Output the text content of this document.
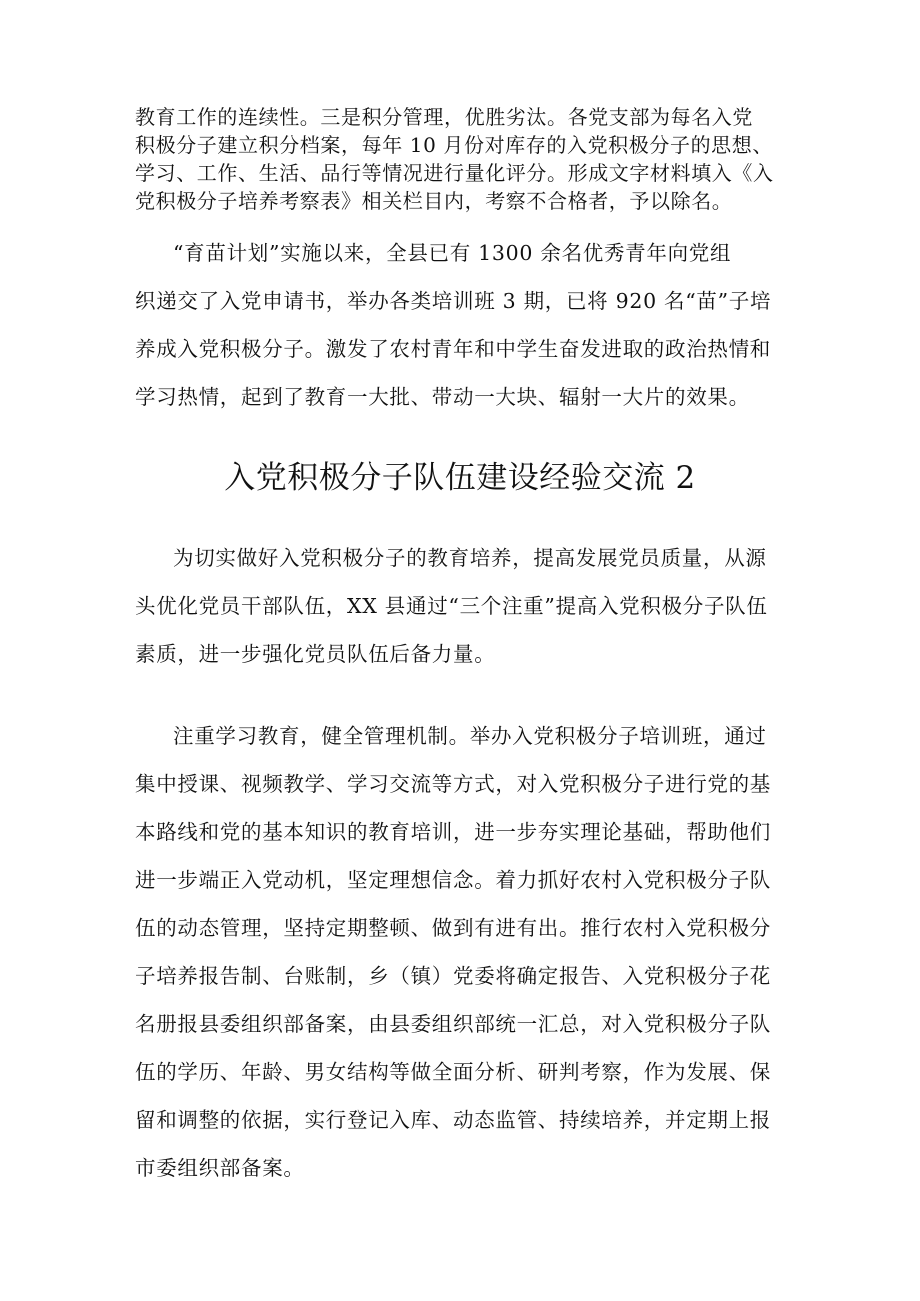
教育工作的连续性。三是积分管理，优胜劣汰。各党支部为每名入党

积极分子建立积分档案，每年 10 月份对库存的入党积极分子的思想、

学习、工作、生活、品行等情况进行量化评分。形成文字材料填入《入

党积极分子培养考察表》相关栏目内，考察不合格者，予以除名。

“育苗计划”实施以来，全县已有 1300 余名优秀青年向党组

织递交了入党申请书，举办各类培训班 3 期，已将 920 名“苗”子培

养成入党积极分子。激发了农村青年和中学生奋发进取的政治热情和

学习热情，起到了教育一大批、带动一大块、辐射一大片的效果。

入党积极分子队伍建设经验交流 2

为切实做好入党积极分子的教育培养，提高发展党员质量，从源

头优化党员干部队伍，XX 县通过“三个注重”提高入党积极分子队伍

素质，进一步强化党员队伍后备力量。

注重学习教育，健全管理机制。举办入党积极分子培训班，通过

集中授课、视频教学、学习交流等方式，对入党积极分子进行党的基

本路线和党的基本知识的教育培训，进一步夯实理论基础，帮助他们

进一步端正入党动机，坚定理想信念。着力抓好农村入党积极分子队

伍的动态管理，坚持定期整顿、做到有进有出。推行农村入党积极分

子培养报告制、台账制，乡（镇）党委将确定报告、入党积极分子花

名册报县委组织部备案，由县委组织部统一汇总，对入党积极分子队

伍的学历、年龄、男女结构等做全面分析、研判考察，作为发展、保

留和调整的依据，实行登记入库、动态监管、持续培养，并定期上报

市委组织部备案。
